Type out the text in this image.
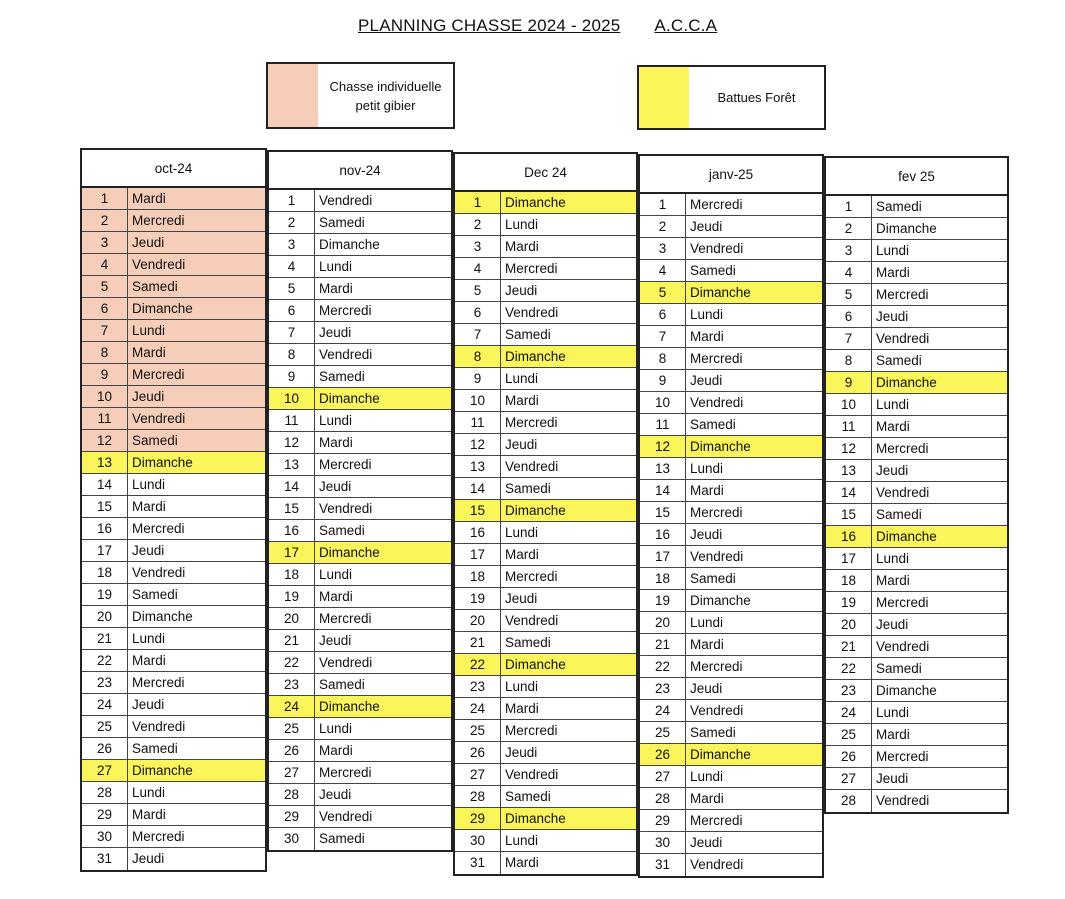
PLANNING CHASSE 2024 - 2025 A.C.C.A
Chasse individuelle petit gibier	Battues Forêt
oct-24
1	Mardi
2	Mercredi
3	Jeudi
4	Vendredi
5	Samedi
6	Dimanche
7	Lundi
8	Mardi
9	Mercredi
10	Jeudi
11	Vendredi
12	Samedi
13	Dimanche
14	Lundi
15	Mardi
16	Mercredi
17	Jeudi
18	Vendredi
19	Samedi
20	Dimanche
21	Lundi
22	Mardi
23	Mercredi
24	Jeudi
25	Vendredi
26	Samedi
27	Dimanche
28	Lundi
29	Mardi
30	Mercredi
31	Jeudi
nov-24
1	Vendredi
2	Samedi
3	Dimanche
4	Lundi
5	Mardi
6	Mercredi
7	Jeudi
8	Vendredi
9	Samedi
10	Dimanche
11	Lundi
12	Mardi
13	Mercredi
14	Jeudi
15	Vendredi
16	Samedi
17	Dimanche
18	Lundi
19	Mardi
20	Mercredi
21	Jeudi
22	Vendredi
23	Samedi
24	Dimanche
25	Lundi
26	Mardi
27	Mercredi
28	Jeudi
29	Vendredi
30	Samedi
Dec 24
1	Dimanche
2	Lundi
3	Mardi
4	Mercredi
5	Jeudi
6	Vendredi
7	Samedi
8	Dimanche
9	Lundi
10	Mardi
11	Mercredi
12	Jeudi
13	Vendredi
14	Samedi
15	Dimanche
16	Lundi
17	Mardi
18	Mercredi
19	Jeudi
20	Vendredi
21	Samedi
22	Dimanche
23	Lundi
24	Mardi
25	Mercredi
26	Jeudi
27	Vendredi
28	Samedi
29	Dimanche
30	Lundi
31	Mardi
janv-25
1	Mercredi
2	Jeudi
3	Vendredi
4	Samedi
5	Dimanche
6	Lundi
7	Mardi
8	Mercredi
9	Jeudi
10	Vendredi
11	Samedi
12	Dimanche
13	Lundi
14	Mardi
15	Mercredi
16	Jeudi
17	Vendredi
18	Samedi
19	Dimanche
20	Lundi
21	Mardi
22	Mercredi
23	Jeudi
24	Vendredi
25	Samedi
26	Dimanche
27	Lundi
28	Mardi
29	Mercredi
30	Jeudi
31	Vendredi
fev 25
1	Samedi
2	Dimanche
3	Lundi
4	Mardi
5	Mercredi
6	Jeudi
7	Vendredi
8	Samedi
9	Dimanche
10	Lundi
11	Mardi
12	Mercredi
13	Jeudi
14	Vendredi
15	Samedi
16	Dimanche
17	Lundi
18	Mardi
19	Mercredi
20	Jeudi
21	Vendredi
22	Samedi
23	Dimanche
24	Lundi
25	Mardi
26	Mercredi
27	Jeudi
28	Vendredi
